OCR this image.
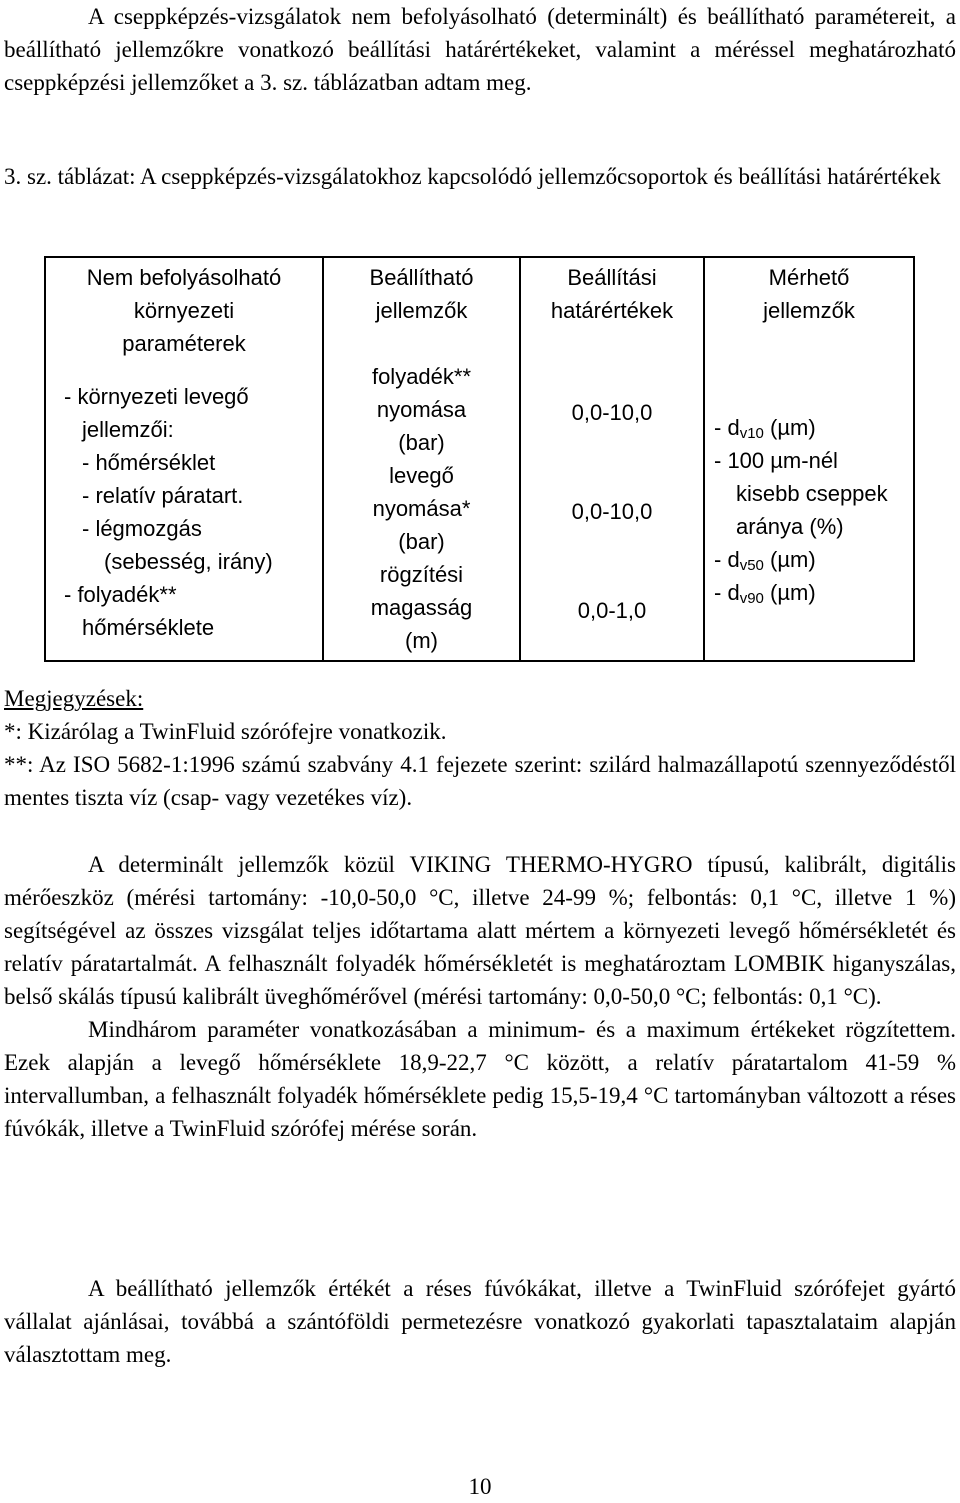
A cseppképzés-vizsgálatok nem befolyásolható (determinált) és beállítható paramétereit, a beállítható jellemzőkre vonatkozó beállítási határértékeket, valamint a méréssel meghatározható cseppképzési jellemzőket a 3. sz. táblázatban adtam meg.

3. sz. táblázat: A cseppképzés-vizsgálatokhoz kapcsolódó jellemzőcsoportok és beállítási határértékek

Nem befolyásolható
környezeti
paraméterek
- környezeti levegő
jellemzői:
- hőmérséklet
- relatív páratart.
- légmozgás
(sebesség, irány)
- folyadék**
hőmérséklete
Beállítható
jellemzők
folyadék**
nyomása
(bar)
levegő
nyomása*
(bar)
rögzítési
magasság
(m)
Beállítási
határértékek
0,0-10,0
0,0-10,0
0,0-1,0
Mérhető
jellemzők
- $d_{v10}$ (µm)
- 100 µm-nél
kisebb cseppek
aránya (%)
- $d_{v50}$ (µm)
- $d_{v90}$ (µm)
Megjegyzések:
*: Kizárólag a TwinFluid szórófejre vonatkozik.

**: Az ISO 5682-1:1996 számú szabvány 4.1 fejezete szerint: szilárd halmazállapotú szennyeződéstől mentes tiszta víz (csap- vagy vezetékes víz).

A determinált jellemzők közül VIKING THERMO-HYGRO típusú, kalibrált, digitális mérőeszköz (mérési tartomány: -10,0-50,0 °C, illetve 24-99 %; felbontás: 0,1 °C, illetve 1 %) segítségével az összes vizsgálat teljes időtartama alatt mértem a környezeti levegő hőmérsékletét és relatív páratartalmát. A felhasznált folyadék hőmérsékletét is meghatároztam LOMBIK higanyszálas, belső skálás típusú kalibrált üveghőmérővel (mérési tartomány: 0,0-50,0 °C; felbontás: 0,1 °C).

Mindhárom paraméter vonatkozásában a minimum- és a maximum értékeket rögzítettem. Ezek alapján a levegő hőmérséklete 18,9-22,7 °C között, a relatív páratartalom 41-59 % intervallumban, a felhasznált folyadék hőmérséklete pedig 15,5-19,4 °C tartományban változott a réses fúvókák, illetve a TwinFluid szórófej mérése során.

A beállítható jellemzők értékét a réses fúvókákat, illetve a TwinFluid szórófejet gyártó vállalat ajánlásai, továbbá a szántóföldi permetezésre vonatkozó gyakorlati tapasztalataim alapján választottam meg.

10
